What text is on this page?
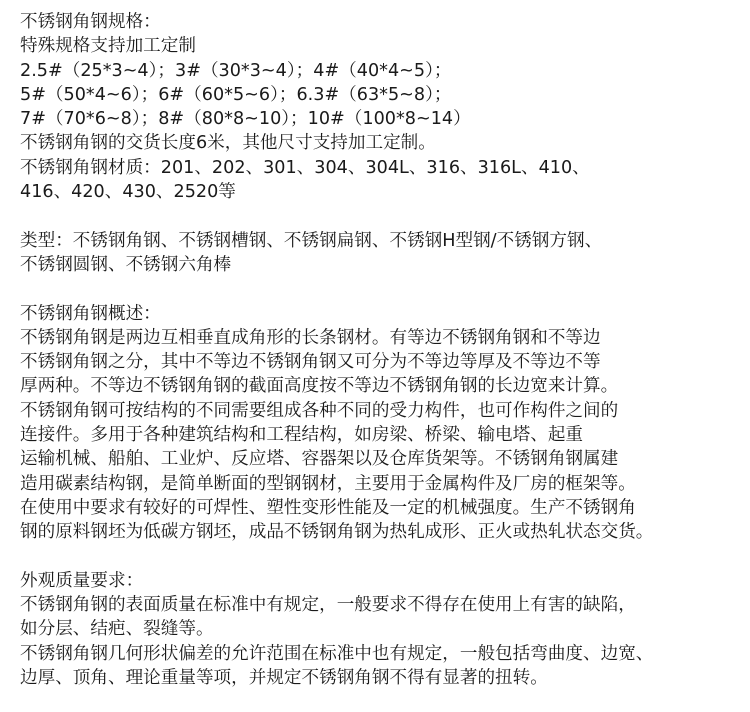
不锈钢角钢规格：
特殊规格支持加工定制
2.5#（25*3~4）；3#（30*3~4）；4#（40*4~5）；
5#（50*4~6）；6#（60*5~6）；6.3#（63*5~8）；
7#（70*6~8）；8#（80*8~10）；10#（100*8~14）
不锈钢角钢的交货长度6米，其他尺寸支持加工定制。
不锈钢角钢材质：201、202、301、304、304L、316、316L、410、
416、420、430、2520等
类型：不锈钢角钢、不锈钢槽钢、不锈钢扁钢、不锈钢H型钢/不锈钢方钢、
不锈钢圆钢、不锈钢六角棒
不锈钢角钢概述：
不锈钢角钢是两边互相垂直成角形的长条钢材。有等边不锈钢角钢和不等边
不锈钢角钢之分，其中不等边不锈钢角钢又可分为不等边等厚及不等边不等
厚两种。不等边不锈钢角钢的截面高度按不等边不锈钢角钢的长边宽来计算。
不锈钢角钢可按结构的不同需要组成各种不同的受力构件，也可作构件之间的
连接件。多用于各种建筑结构和工程结构，如房梁、桥梁、输电塔、起重
运输机械、船舶、工业炉、反应塔、容器架以及仓库货架等。不锈钢角钢属建
造用碳素结构钢，是简单断面的型钢钢材，主要用于金属构件及厂房的框架等。
在使用中要求有较好的可焊性、塑性变形性能及一定的机械强度。生产不锈钢角
钢的原料钢坯为低碳方钢坯，成品不锈钢角钢为热轧成形、正火或热轧状态交货。
外观质量要求：
不锈钢角钢的表面质量在标准中有规定，一般要求不得存在使用上有害的缺陷，
如分层、结疤、裂缝等。
不锈钢角钢几何形状偏差的允许范围在标准中也有规定，一般包括弯曲度、边宽、
边厚、顶角、理论重量等项，并规定不锈钢角钢不得有显著的扭转。
